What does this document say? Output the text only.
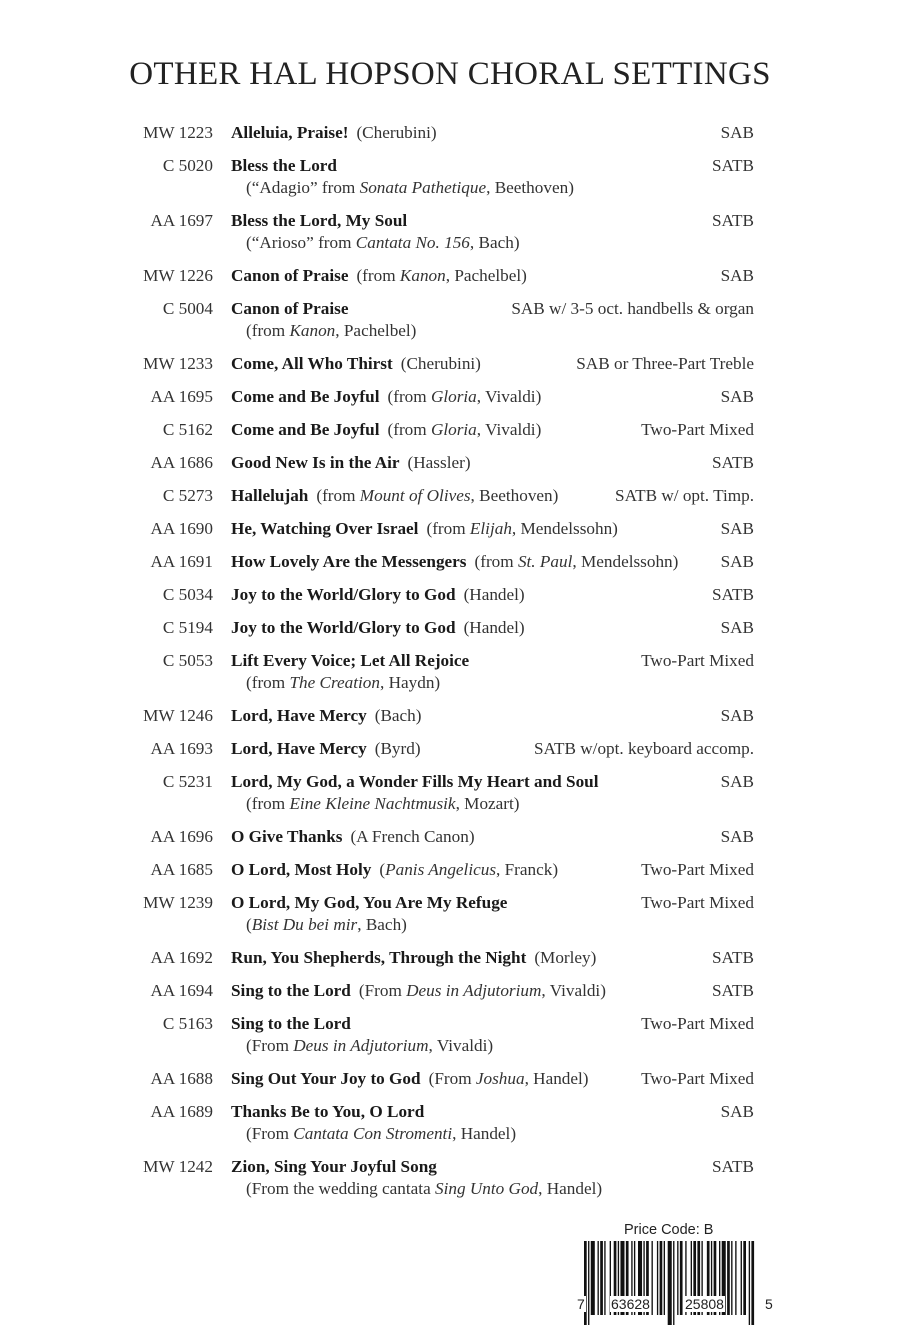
OTHER HAL HOPSON CHORAL SETTINGS
MW 1223 Alleluia, Praise! (Cherubini)	SAB
C 5020 Bless the Lord	SATB
(“Adagio” from Sonata Pathetique, Beethoven)
AA 1697 Bless the Lord, My Soul	SATB
(“Arioso” from Cantata No. 156, Bach)
MW 1226 Canon of Praise (from Kanon, Pachelbel)	SAB
C 5004 Canon of Praise	SAB w/ 3-5 oct. handbells & organ
(from Kanon, Pachelbel)
MW 1233 Come, All Who Thirst (Cherubini)	SAB or Three-Part Treble
AA 1695 Come and Be Joyful (from Gloria, Vivaldi)	SAB
C 5162 Come and Be Joyful (from Gloria, Vivaldi)	Two-Part Mixed
AA 1686 Good New Is in the Air (Hassler)	SATB
C 5273 Hallelujah (from Mount of Olives, Beethoven)	SATB w/ opt. Timp.
AA 1690 He, Watching Over Israel (from Elijah, Mendelssohn)	SAB
AA 1691 How Lovely Are the Messengers (from St. Paul, Mendelssohn)	SAB
C 5034 Joy to the World/Glory to God (Handel)	SATB
C 5194 Joy to the World/Glory to God (Handel)	SAB
C 5053 Lift Every Voice; Let All Rejoice	Two-Part Mixed
(from The Creation, Haydn)
MW 1246 Lord, Have Mercy (Bach)	SAB
AA 1693 Lord, Have Mercy (Byrd)	SATB w/opt. keyboard accomp.
C 5231 Lord, My God, a Wonder Fills My Heart and Soul	SAB
(from Eine Kleine Nachtmusik, Mozart)
AA 1696 O Give Thanks (A French Canon)	SAB
AA 1685 O Lord, Most Holy (Panis Angelicus, Franck)	Two-Part Mixed
MW 1239 O Lord, My God, You Are My Refuge	Two-Part Mixed
(Bist Du bei mir, Bach)
AA 1692 Run, You Shepherds, Through the Night (Morley)	SATB
AA 1694 Sing to the Lord (From Deus in Adjutorium, Vivaldi)	SATB
C 5163 Sing to the Lord	Two-Part Mixed
(From Deus in Adjutorium, Vivaldi)
AA 1688 Sing Out Your Joy to God (From Joshua, Handel)	Two-Part Mixed
AA 1689 Thanks Be to You, O Lord	SAB
(From Cantata Con Stromenti, Handel)
MW 1242 Zion, Sing Your Joyful Song	SATB
(From the wedding cantata Sing Unto God, Handel)
Price Code: B
7 63628	25808	5
